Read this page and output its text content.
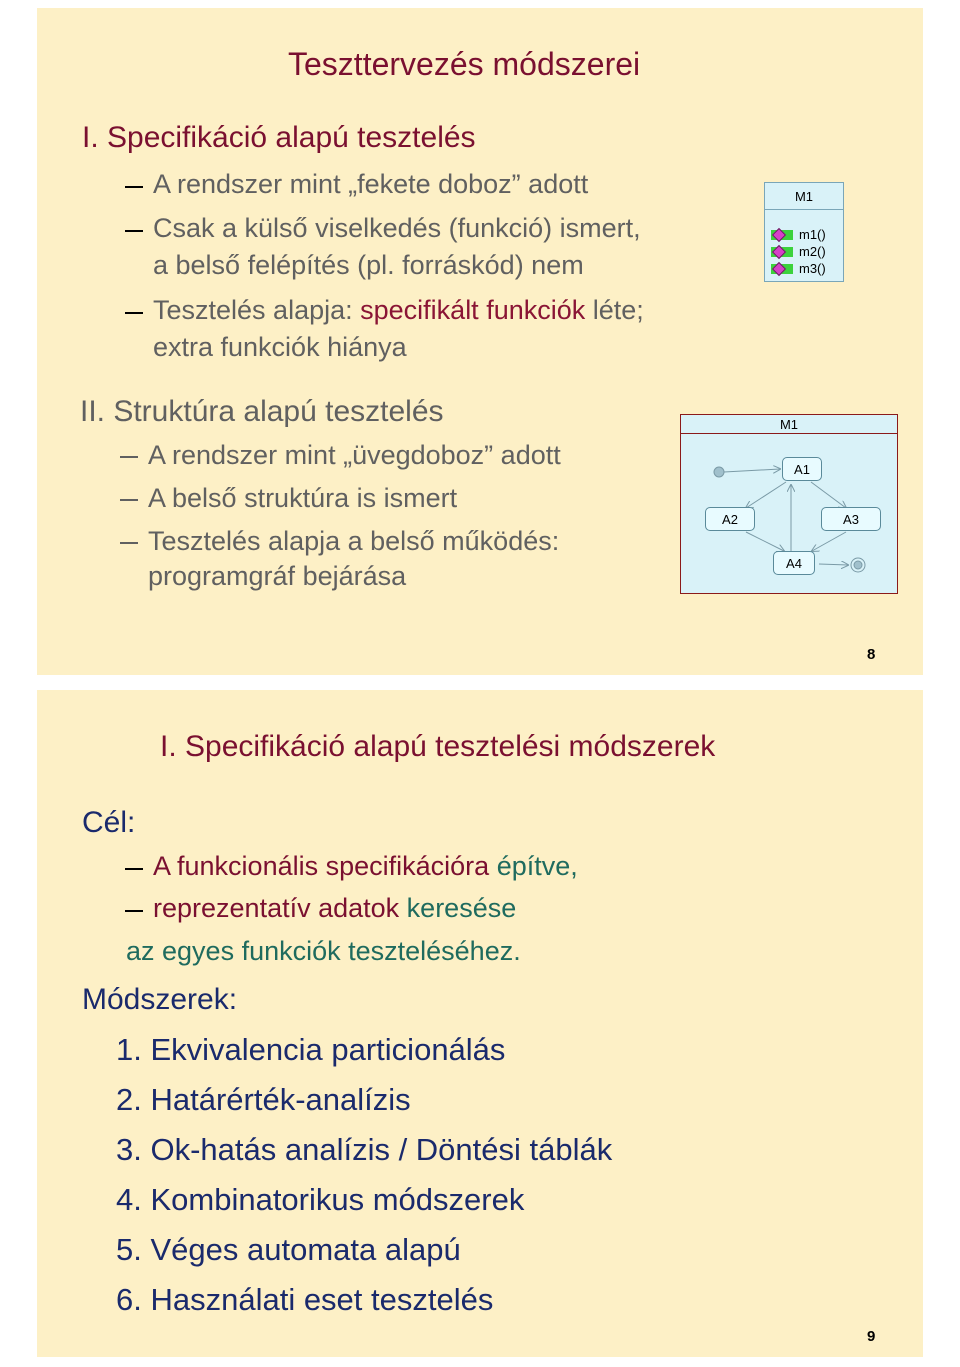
Teszttervezés módszerei
I. Specifikáció alapú tesztelés
A rendszer mint „fekete doboz” adott
Csak a külső viselkedés (funkció) ismert,
a belső felépítés (pl. forráskód) nem
Tesztelés alapja: specifikált funkciók léte;
extra funkciók hiánya
M1
m1()
m2()
m3()
II. Struktúra alapú tesztelés
A rendszer mint „üvegdoboz” adott
A belső struktúra is ismert
Tesztelés alapja a belső működés:
programgráf bejárása
M1
A1
A2	A3
A4
8
I. Specifikáció alapú tesztelési módszerek
Cél:
A funkcionális specifikációra építve,
reprezentatív adatok keresése
az egyes funkciók teszteléséhez.
Módszerek:
1. Ekvivalencia particionálás
2. Határérték-analízis
3. Ok-hatás analízis / Döntési táblák
4. Kombinatorikus módszerek
5. Véges automata alapú
6. Használati eset tesztelés
9
